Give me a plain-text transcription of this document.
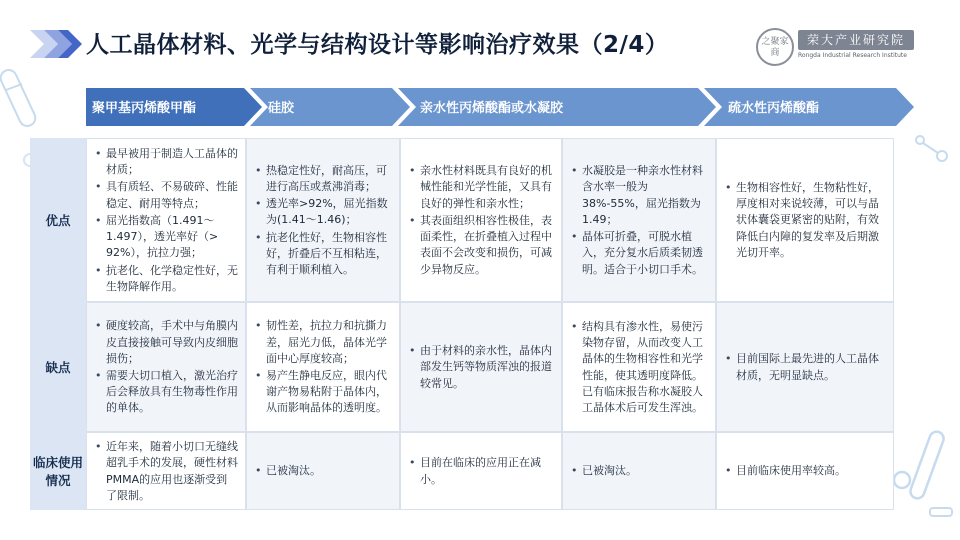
人工晶体材料、光学与结构设计等影响治疗效果（2/4）	之聚家商
荣大产业研究院
Rongda Industrial Research Institute
聚甲基丙烯酸甲酯	硅胶	亲水性丙烯酸酯或水凝胶	疏水性丙烯酸酯
优点
缺点
临床使用情况
• 最早被用于制造人工晶体的材质；
• 具有质轻、不易破碎、性能稳定、耐用等特点；
• 屈光指数高（1.491～1.497），透光率好（> 92%），抗拉力强；
• 抗老化、化学稳定性好，无生物降解作用。
• 热稳定性好，耐高压，可进行高压或煮沸消毒；
• 透光率>92%，屈光指数为(1.41～1.46)；
• 抗老化性好，生物相容性好，折叠后不互相粘连，有利于顺利植入。
• 亲水性材料既具有良好的机械性能和光学性能，又具有良好的弹性和亲水性；
• 其表面组织相容性极佳，表面柔性，在折叠植入过程中表面不会改变和损伤，可减少异物反应。
• 水凝胶是一种亲水性材料含水率一般为38%-55%，屈光指数为1.49；
• 晶体可折叠，可脱水植入，充分复水后质柔韧透明。适合于小切口手术。
• 生物相容性好，生物粘性好，厚度相对来说较薄，可以与晶状体囊袋更紧密的贴附，有效降低白内障的复发率及后期激光切开率。
• 硬度较高，手术中与角膜内皮直接接触可导致内皮细胞损伤；
• 需要大切口植入，激光治疗后会释放具有生物毒性作用的单体。
• 韧性差，抗拉力和抗撕力差，屈光力低，晶体光学面中心厚度较高；
• 易产生静电反应，眼内代谢产物易粘附于晶体内，从而影响晶体的透明度。
• 由于材料的亲水性，晶体内部发生钙等物质浑浊的报道较常见。
• 结构具有渗水性，易使污染物存留，从而改变人工晶体的生物相容性和光学性能，使其透明度降低。已有临床报告称水凝胶人工晶体术后可发生浑浊。
• 目前国际上最先进的人工晶体材质，无明显缺点。
• 近年来，随着小切口无缝线超乳手术的发展，硬性材料PMMA的应用也逐渐受到了限制。
• 已被淘汰。
• 目前在临床的应用正在减小。
• 已被淘汰。
•	目前临床使用率较高。
